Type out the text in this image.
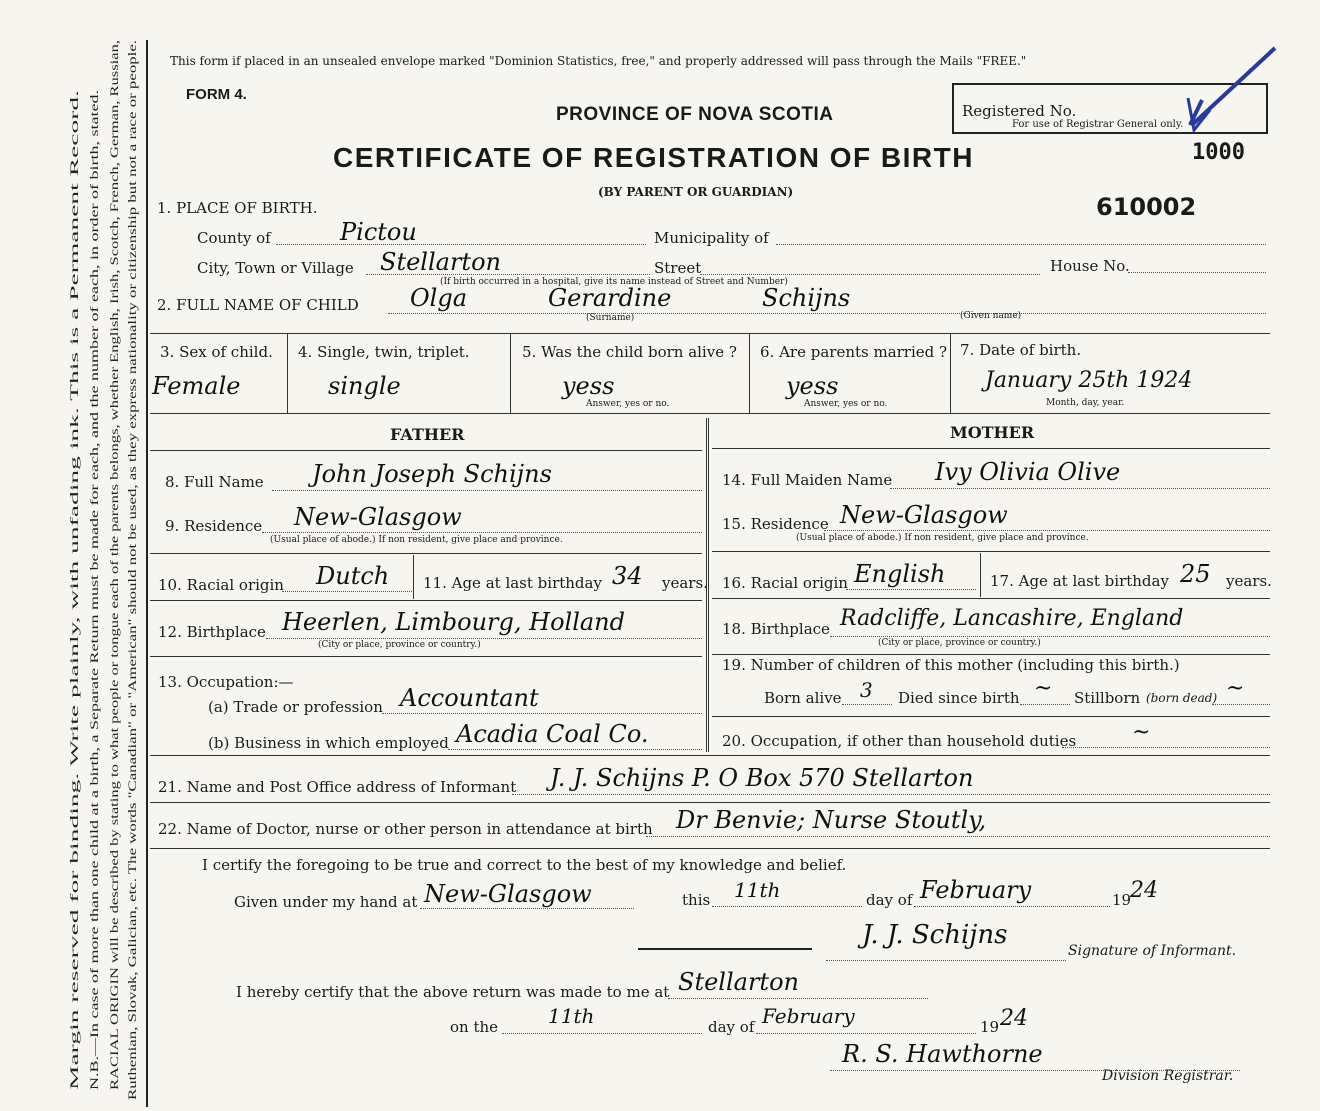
Margin reserved for binding. Write plainly, with unfading ink. This is a Permanent Record. N.B.—In case of more than one child at a birth, a Separate Return must be made for each, and the number of each, in order of birth, stated. RACIAL ORIGIN will be described by stating to what people or tongue each of the parents belongs, whether English, Irish, Scotch, French, German, Russian, Ruthenian, Slovak, Galician, etc. The words "Canadian" or "American" should not be used, as they express nationality or citizenship but not a race or people.
This form if placed in an unsealed envelope marked "Dominion Statistics, free," and properly addressed will pass through the Mails "FREE."
FORM 4.
PROVINCE OF NOVA SCOTIA
CERTIFICATE OF REGISTRATION OF BIRTH
(BY PARENT OR GUARDIAN)
Registered No.
For use of Registrar General only.
1000
610002
1. PLACE OF BIRTH.
County of	Pictou	Municipality of
City, Town or Village Stellarton	Street	House No.
(If birth occurred in a hospital, give its name instead of Street and Number)
2. FULL NAME OF CHILD Olga	Gerardine	Schijns
(Surname)	(Given name)
3. Sex of child.
Female
4. Single, twin, triplet.
single
5. Was the child born alive ?
yess
Answer, yes or no.
6. Are parents married ?
yess
Answer, yes or no.
7. Date of birth.
January 25th 1924
Month, day, year.
FATHER	MOTHER
8. Full Name John Joseph Schijns
9. Residence New-Glasgow
(Usual place of abode.) If non resident, give place and province.
10. Racial origin Dutch 11. Age at last birthday 34 years.
12. Birthplace Heerlen, Limbourg, Holland
(City or place, province or country.)
13. Occupation:—
(a) Trade or profession Accountant
(b) Business in which employed Acadia Coal Co.
14. Full Maiden Name Ivy Olivia Olive
15. Residence New-Glasgow
(Usual place of abode.) If non resident, give place and province.
16. Racial origin English	17. Age at last birthday 25 years.
18. Birthplace Radcliffe, Lancashire, England
(City or place, province or country.)
19. Number of children of this mother (including this birth.)
Born alive 3 Died since birth ~ Stillborn (born dead) ~
20. Occupation, if other than household duties	~
21. Name and Post Office address of Informant J. J. Schijns P. O Box 570 Stellarton
22. Name of Doctor, nurse or other person in attendance at birth Dr Benvie; Nurse Stoutly,
I certify the foregoing to be true and correct to the best of my knowledge and belief.
Given under my hand at New-Glasgow	this 11th	day of February	19
24
J. J. Schijns
Signature of Informant.
I hereby certify that the above return was made to me at Stellarton
on the 11th	day of February	19 24
R. S. Hawthorne
Division Registrar.
